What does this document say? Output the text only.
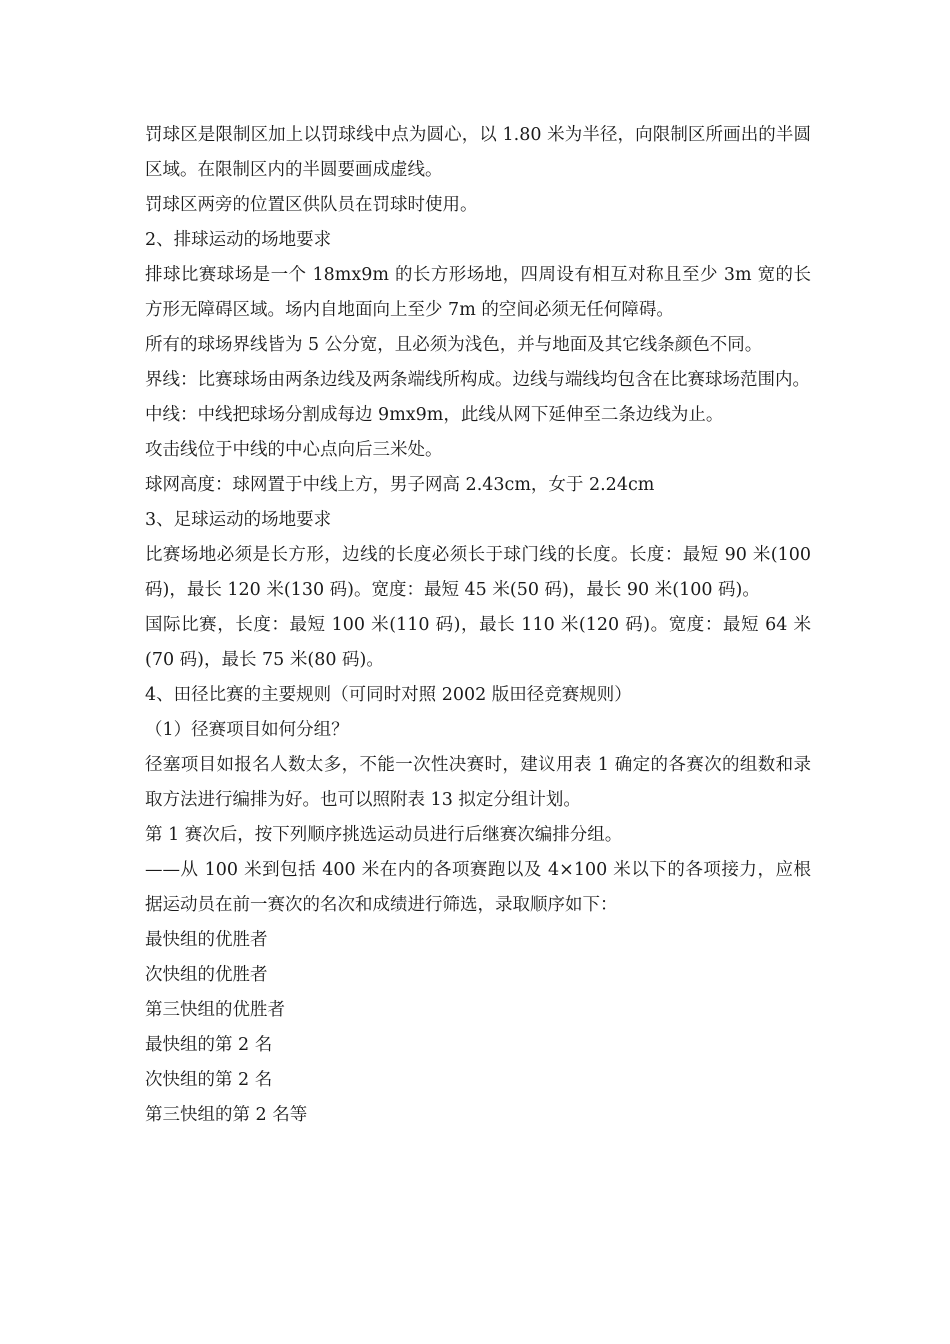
罚球区是限制区加上以罚球线中点为圆心，以 1.80 米为半径，向限制区所画出的半圆区域。在限制区内的半圆要画成虚线。

罚球区两旁的位置区供队员在罚球时使用。

2、排球运动的场地要求

排球比赛球场是一个 18mx9m 的长方形场地，四周设有相互对称且至少 3m 宽的长方形无障碍区域。场内自地面向上至少 7m 的空间必须无任何障碍。

所有的球场界线皆为 5 公分宽，且必须为浅色，并与地面及其它线条颜色不同。

界线：比赛球场由两条边线及两条端线所构成。边线与端线均包含在比赛球场范围内。

中线：中线把球场分割成每边 9mx9m，此线从网下延伸至二条边线为止。

攻击线位于中线的中心点向后三米处。

球网高度：球网置于中线上方，男子网高 2.43cm，女于 2.24cm

3、足球运动的场地要求

比赛场地必须是长方形，边线的长度必须长于球门线的长度。长度：最短 90 米(100 码)，最长 120 米(130 码)。宽度：最短 45 米(50 码)，最长 90 米(100 码)。

国际比赛，长度：最短 100 米(110 码)，最长 110 米(120 码)。宽度：最短 64 米(70 码)，最长 75 米(80 码)。

4、田径比赛的主要规则（可同时对照 2002 版田径竞赛规则）

（1）径赛项目如何分组？

径塞项目如报名人数太多，不能一次性决赛时，建议用表 1 确定的各赛次的组数和录取方法进行编排为好。也可以照附表 13 拟定分组计划。

第 1 赛次后，按下列顺序挑选运动员进行后继赛次编排分组。

——从 100 米到包括 400 米在内的各项赛跑以及 4×100 米以下的各项接力，应根据运动员在前一赛次的名次和成绩进行筛选，录取顺序如下：

最快组的优胜者

次快组的优胜者

第三快组的优胜者

最快组的第 2 名

次快组的第 2 名

第三快组的第 2 名等
